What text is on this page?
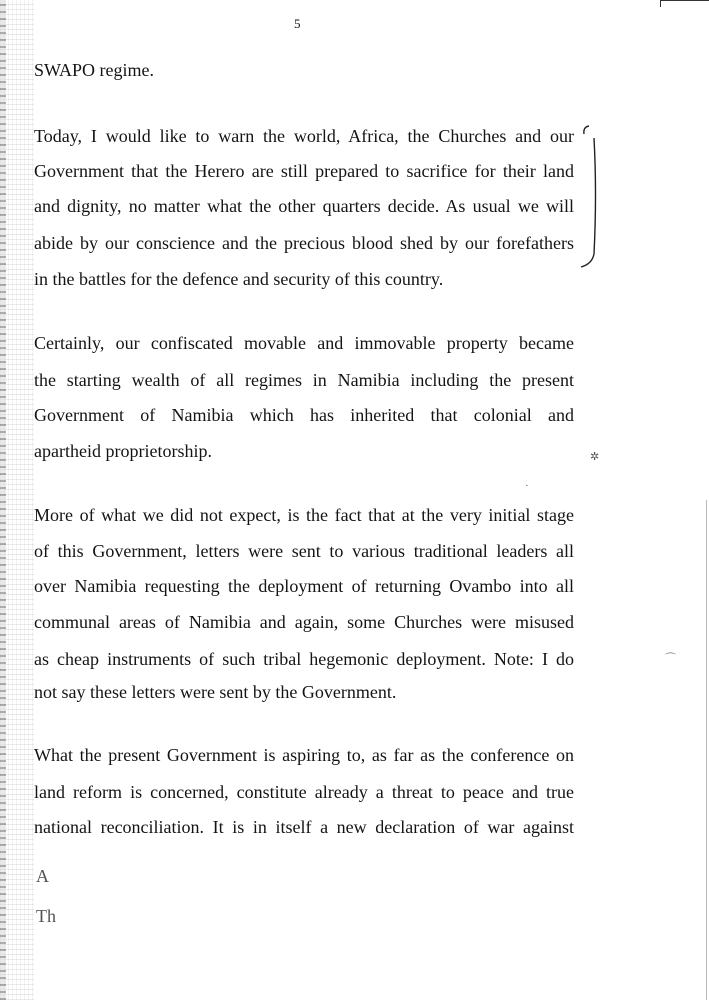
5
SWAPO regime.
Today, I would like to warn the world, Africa, the Churches and our
Government that the Herero are still prepared to sacrifice for their land
and dignity, no matter what the other quarters decide. As usual we will
abide by our conscience and the precious blood shed by our forefathers
in the battles for the defence and security of this country.
Certainly, our confiscated movable and immovable property became
the starting wealth of all regimes in Namibia including the present
Government of Namibia which has inherited that colonial and
apartheid proprietorship.
More of what we did not expect, is the fact that at the very initial stage
of this Government, letters were sent to various traditional leaders all
over Namibia requesting the deployment of returning Ovambo into all
communal areas of Namibia and again, some Churches were misused
as cheap instruments of such tribal hegemonic deployment. Note: I do
not say these letters were sent by the Government.
What the present Government is aspiring to, as far as the conference on
land reform is concerned, constitute already a threat to peace and true
national reconciliation. It is in itself a new declaration of war against
A
Th
✲
⌒
·
